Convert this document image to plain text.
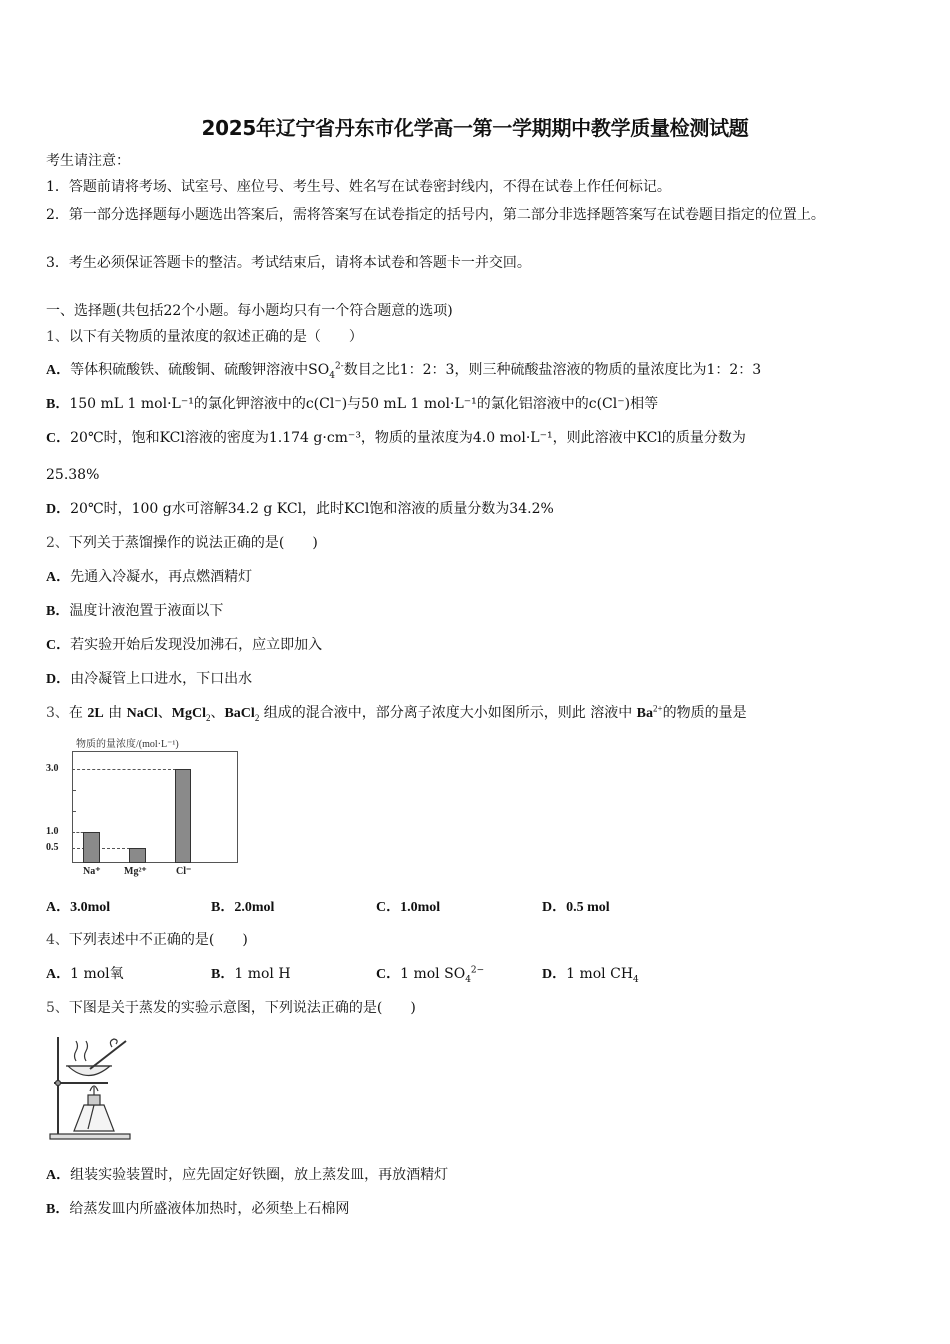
2025年辽宁省丹东市化学高一第一学期期中教学质量检测试题
考生请注意：
1．答题前请将考场、试室号、座位号、考生号、姓名写在试卷密封线内，不得在试卷上作任何标记。
2．第一部分选择题每小题选出答案后，需将答案写在试卷指定的括号内，第二部分非选择题答案写在试卷题目指定的位置上。
3．考生必须保证答题卡的整洁。考试结束后，请将本试卷和答题卡一并交回。
一、选择题(共包括22个小题。每小题均只有一个符合题意的选项)
1、以下有关物质的量浓度的叙述正确的是（　　）
A．等体积硫酸铁、硫酸铜、硫酸钾溶液中$SO_4^{2-}$数目之比1：2：3，则三种硫酸盐溶液的物质的量浓度比为1：2：3
B．150 mL 1 mol·L⁻¹的氯化钾溶液中的c(Cl⁻)与50 mL 1 mol·L⁻¹的氯化铝溶液中的c(Cl⁻)相等
C．20℃时，饱和KCl溶液的密度为1.174 g·cm⁻³，物质的量浓度为4.0 mol·L⁻¹，则此溶液中KCl的质量分数为
25.38%
D．20℃时，100 g水可溶解34.2 g KCl，此时KCl饱和溶液的质量分数为34.2%
2、下列关于蒸馏操作的说法正确的是(　　)
A．先通入冷凝水，再点燃酒精灯
B．温度计液泡置于液面以下
C．若实验开始后发现没加沸石，应立即加入
D．由冷凝管上口进水，下口出水
3、在 2L 由 NaCl、MgCl$_2$、BaCl$_2$ 组成的混合液中，部分离子浓度大小如图所示，则此 溶液中 $Ba^{2+}$的物质的量是
物质的量浓度/(mol·L⁻¹)
3.0
1.0
0.5
Na⁺ Mg²⁺	Cl⁻
A．3.0mol	B．2.0mol	C．1.0mol	D．0.5 mol
4、下列表述中不正确的是(　　)
A．1 mol氧	B．1 mol H	C．1 mol $SO_4^{2-}$	D．1 mol $CH_4$
5、下图是关于蒸发的实验示意图，下列说法正确的是(　　)
A．组装实验装置时，应先固定好铁圈，放上蒸发皿，再放酒精灯
B．给蒸发皿内所盛液体加热时，必须垫上石棉网
